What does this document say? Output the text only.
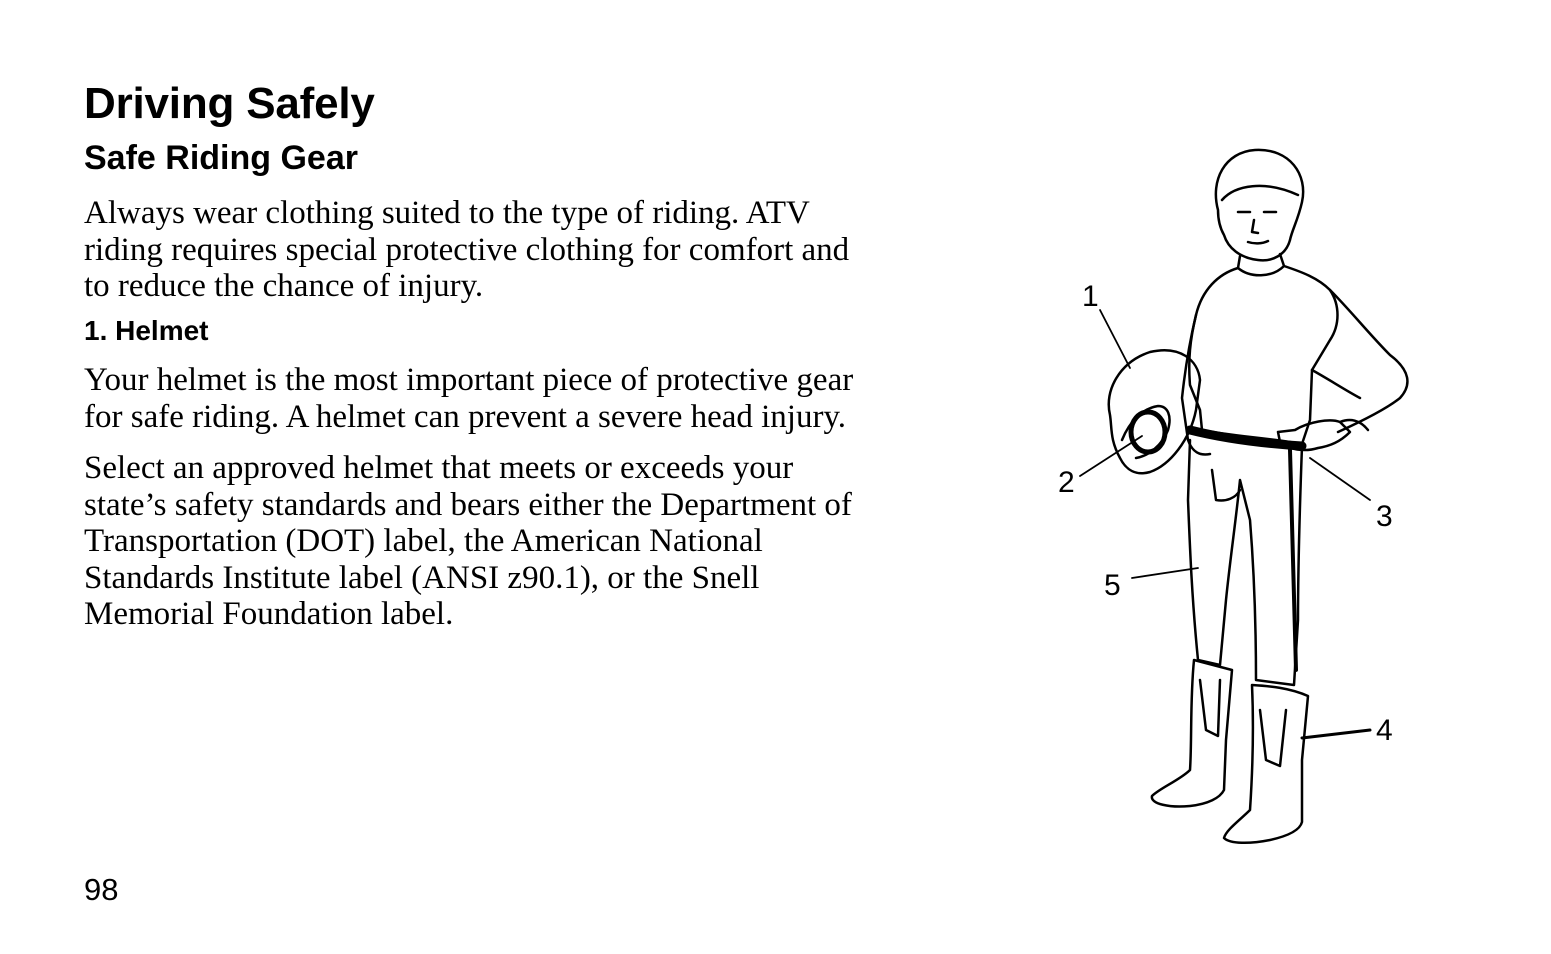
Driving Safely
Safe Riding Gear

Always wear clothing suited to the type of riding. ATV
riding requires special protective clothing for comfort and
to reduce the chance of injury.

1. Helmet

Your helmet is the most important piece of protective gear
for safe riding. A helmet can prevent a severe head injury.

Select an approved helmet that meets or exceeds your
state’s safety standards and bears either the Department of
Transportation (DOT) label, the American National
Standards Institute label (ANSI z90.1), or the Snell
Memorial Foundation label.

1
2
3
4
5
98
